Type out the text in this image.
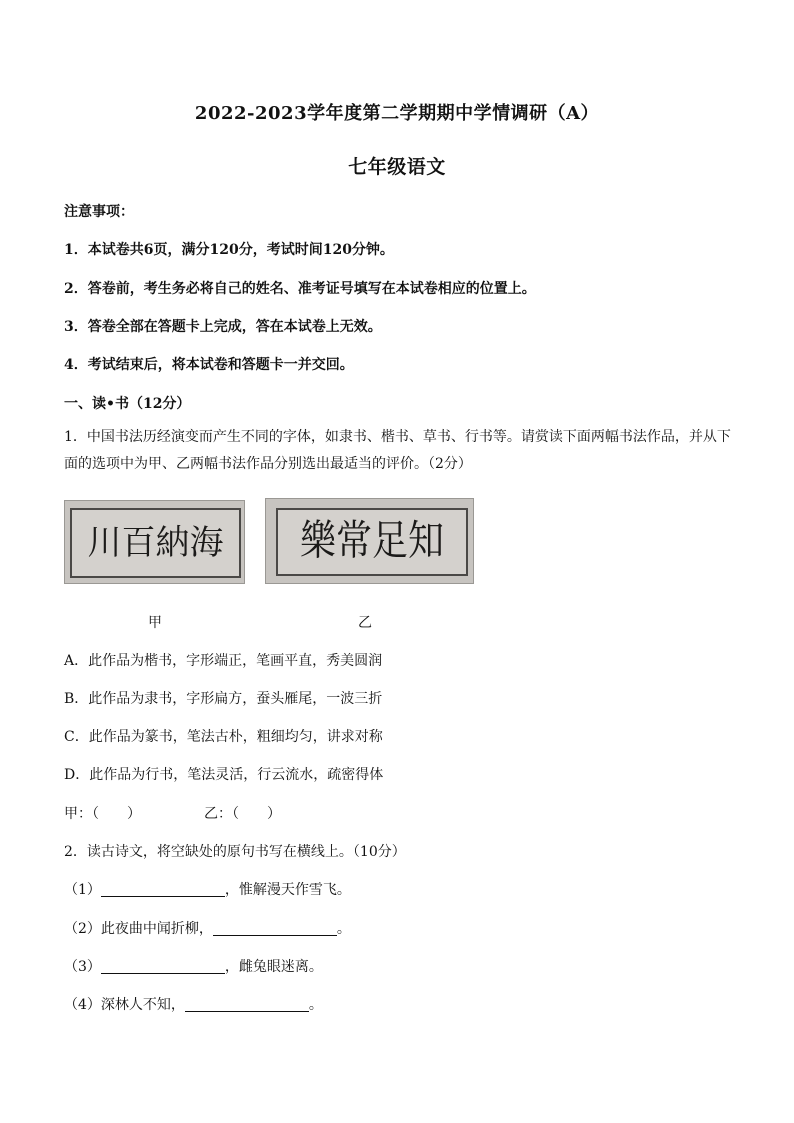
2022-2023学年度第二学期期中学情调研（A）
七年级语文
注意事项：
1．本试卷共6页，满分120分，考试时间120分钟。
2．答卷前，考生务必将自己的姓名、准考证号填写在本试卷相应的位置上。
3．答卷全部在答题卡上完成，答在本试卷上无效。
4．考试结束后，将本试卷和答题卡一并交回。
一、读•书（12分）
1．中国书法历经演变而产生不同的字体，如隶书、楷书、草书、行书等。请赏读下面两幅书法作品，并从下面的选项中为甲、乙两幅书法作品分别选出最适当的评价。（2分）
川百納海 樂常足知
甲	乙
A．此作品为楷书，字形端正，笔画平直，秀美圆润
B．此作品为隶书，字形扁方，蚕头雁尾，一波三折
C．此作品为篆书，笔法古朴，粗细均匀，讲求对称
D．此作品为行书，笔法灵活，行云流水，疏密得体
甲：（　　）	乙：（　　）
2．读古诗文，将空缺处的原句书写在横线上。（10分）
（1）	，惟解漫天作雪飞。
（2）此夜曲中闻折柳，	。
（3）	，雌兔眼迷离。
（4）深林人不知，	。
